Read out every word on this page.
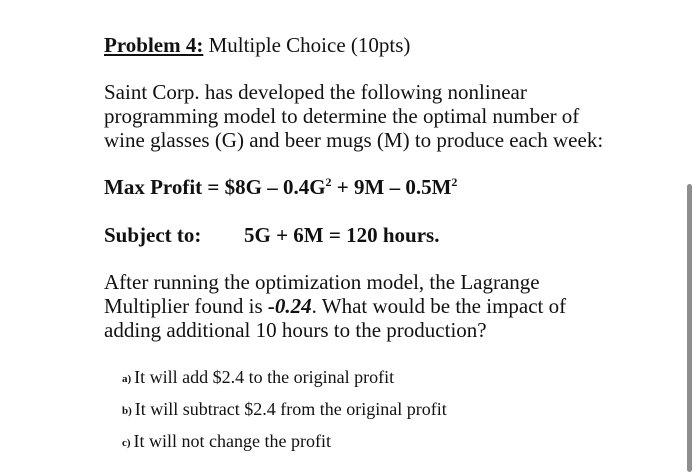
Problem 4: Multiple Choice (10pts)
Saint Corp. has developed the following nonlinear
programming model to determine the optimal number of
wine glasses (G) and beer mugs (M) to produce each week:
Max Profit = $8G – $0.4G^2 + 9M - 0.5M^2$
Subject to: 5G + 6M = 120 hours.
After running the optimization model, the Lagrange
Multiplier found is -0.24. What would be the impact of
adding additional 10 hours to the production?
a) It will add $2.4 to the original profit
b) It will subtract $2.4 from the original profit
c) It will not change the profit
